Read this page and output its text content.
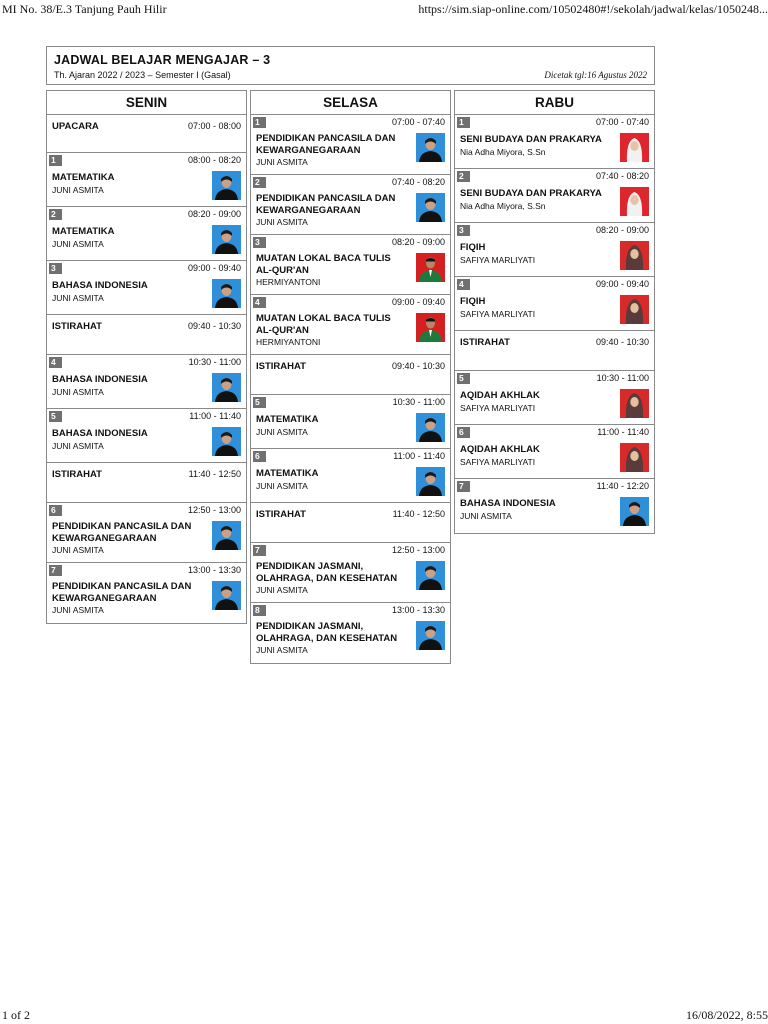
MI No. 38/E.3 Tanjung Pauh Hilir	https://sim.siap-online.com/10502480#!/sekolah/jadwal/kelas/1050248...
JADWAL BELAJAR MENGAJAR – 3
Th. Ajaran 2022 / 2023 – Semester I (Gasal)	Dicetak tgl:16 Agustus 2022
SENIN
07:00 - 08:00
UPACARA
1	08:00 - 08:20
MATEMATIKA
JUNI ASMITA
2	08:20 - 09:00
MATEMATIKA
JUNI ASMITA
3	09:00 - 09:40
BAHASA INDONESIA
JUNI ASMITA
09:40 - 10:30
ISTIRAHAT
4	10:30 - 11:00
BAHASA INDONESIA
JUNI ASMITA
5	11:00 - 11:40
BAHASA INDONESIA
JUNI ASMITA
11:40 - 12:50
ISTIRAHAT
6	12:50 - 13:00
PENDIDIKAN PANCASILA DAN KEWARGANEGARAAN
JUNI ASMITA
7	13:00 - 13:30
PENDIDIKAN PANCASILA DAN KEWARGANEGARAAN
JUNI ASMITA
SELASA
1	07:00 - 07:40
PENDIDIKAN PANCASILA DAN KEWARGANEGARAAN
JUNI ASMITA
2	07:40 - 08:20
PENDIDIKAN PANCASILA DAN KEWARGANEGARAAN
JUNI ASMITA
3	08:20 - 09:00
MUATAN LOKAL BACA TULIS AL-QUR'AN
HERMIYANTONI
4	09:00 - 09:40
MUATAN LOKAL BACA TULIS AL-QUR'AN
HERMIYANTONI
09:40 - 10:30
ISTIRAHAT
5	10:30 - 11:00
MATEMATIKA
JUNI ASMITA
6	11:00 - 11:40
MATEMATIKA
JUNI ASMITA
11:40 - 12:50
ISTIRAHAT
7	12:50 - 13:00
PENDIDIKAN JASMANI, OLAHRAGA, DAN KESEHATAN
JUNI ASMITA
8	13:00 - 13:30
PENDIDIKAN JASMANI, OLAHRAGA, DAN KESEHATAN
JUNI ASMITA
RABU
1	07:00 - 07:40
SENI BUDAYA DAN PRAKARYA
Nia Adha Miyora, S.Sn
2	07:40 - 08:20
SENI BUDAYA DAN PRAKARYA
Nia Adha Miyora, S.Sn
3	08:20 - 09:00
FIQIH
SAFIYA MARLIYATI
4	09:00 - 09:40
FIQIH
SAFIYA MARLIYATI
09:40 - 10:30
ISTIRAHAT
5	10:30 - 11:00
AQIDAH AKHLAK
SAFIYA MARLIYATI
6	11:00 - 11:40
AQIDAH AKHLAK
SAFIYA MARLIYATI
7	11:40 - 12:20
BAHASA INDONESIA
JUNI ASMITA
1 of 2	16/08/2022, 8:55
